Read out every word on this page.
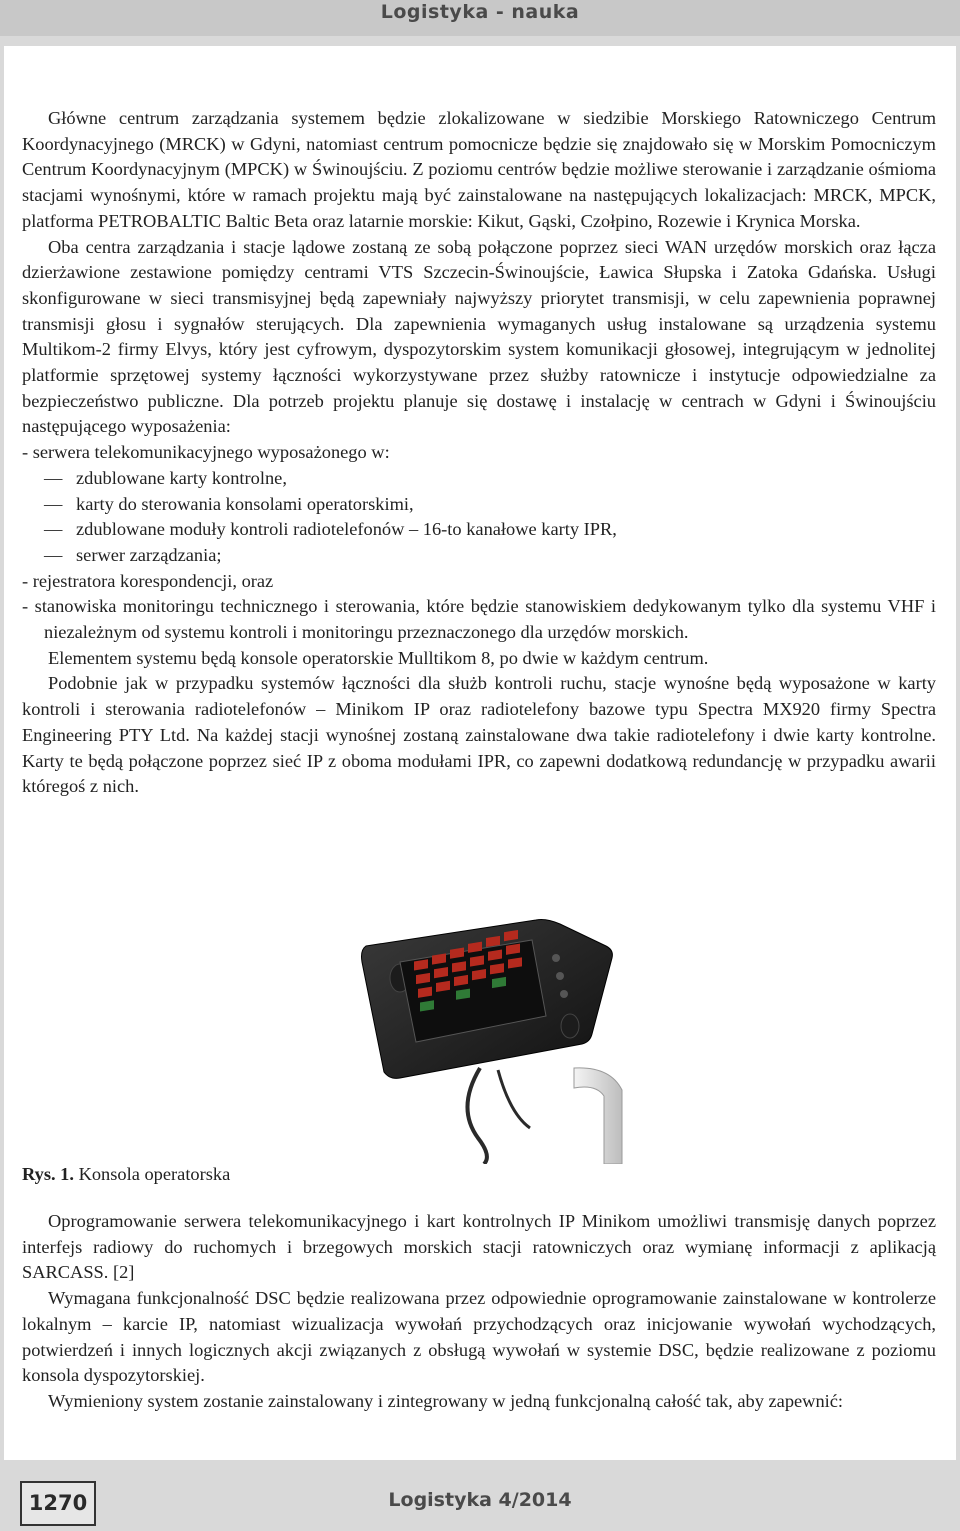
Logistyka - nauka

Główne centrum zarządzania systemem będzie zlokalizowane w siedzibie Morskiego Ratowniczego Centrum Koordynacyjnego (MRCK) w Gdyni, natomiast centrum pomocnicze będzie się znajdowało się w Morskim Pomocniczym Centrum Koordynacyjnym (MPCK) w Świnoujściu. Z poziomu centrów będzie możliwe sterowanie i zarządzanie ośmioma stacjami wynośnymi, które w ramach projektu mają być zainstalowane na następujących lokalizacjach: MRCK, MPCK, platforma PETROBALTIC Baltic Beta oraz latarnie morskie: Kikut, Gąski, Czołpino, Rozewie i Krynica Morska.

Oba centra zarządzania i stacje lądowe zostaną ze sobą połączone poprzez sieci WAN urzędów morskich oraz łącza dzierżawione zestawione pomiędzy centrami VTS Szczecin-Świnoujście, Ławica Słupska i Zatoka Gdańska. Usługi skonfigurowane w sieci transmisyjnej będą zapewniały najwyższy priorytet transmisji, w celu zapewnienia poprawnej transmisji głosu i sygnałów sterujących. Dla zapewnienia wymaganych usług instalowane są urządzenia systemu Multikom-2 firmy Elvys, który jest cyfrowym, dyspozytorskim system komunikacji głosowej, integrującym w jednolitej platformie sprzętowej systemy łączności wykorzystywane przez służby ratownicze i instytucje odpowiedzialne za bezpieczeństwo publiczne. Dla potrzeb projektu planuje się dostawę i instalację w centrach w Gdyni i Świnoujściu następującego wyposażenia:

- serwera telekomunikacyjnego wyposażonego w:

— zdublowane karty kontrolne,
— karty do sterowania konsolami operatorskimi,
— zdublowane moduły kontroli radiotelefonów – 16-to kanałowe karty IPR,
— serwer zarządzania;

- rejestratora korespondencji, oraz

- stanowiska monitoringu technicznego i sterowania, które będzie stanowiskiem dedykowanym tylko dla systemu VHF i niezależnym od systemu kontroli i monitoringu przeznaczonego dla urzędów morskich.

Elementem systemu będą konsole operatorskie Mulltikom 8, po dwie w każdym centrum.

Podobnie jak w przypadku systemów łączności dla służb kontroli ruchu, stacje wynośne będą wyposażone w karty kontroli i sterowania radiotelefonów – Minikom IP oraz radiotelefony bazowe typu Spectra MX920 firmy Spectra Engineering PTY Ltd. Na każdej stacji wynośnej zostaną zainstalowane dwa takie radiotelefony i dwie karty kontrolne. Karty te będą połączone poprzez sieć IP z oboma modułami IPR, co zapewni dodatkową redundancję w przypadku awarii któregoś z nich.

Rys. 1. Konsola operatorska

Oprogramowanie serwera telekomunikacyjnego i kart kontrolnych IP Minikom umożliwi transmisję danych poprzez interfejs radiowy do ruchomych i brzegowych morskich stacji ratowniczych oraz wymianę informacji z aplikacją SARCASS. [2]

Wymagana funkcjonalność DSC będzie realizowana przez odpowiednie oprogramowanie zainstalowane w kontrolerze lokalnym – karcie IP, natomiast wizualizacja wywołań przychodzących oraz inicjowanie wywołań wychodzących, potwierdzeń i innych logicznych akcji związanych z obsługą wywołań w systemie DSC, będzie realizowane z poziomu konsola dyspozytorskiej.

Wymieniony system zostanie zainstalowany i zintegrowany w jedną funkcjonalną całość tak, aby zapewnić:

1270	Logistyka 4/2014
